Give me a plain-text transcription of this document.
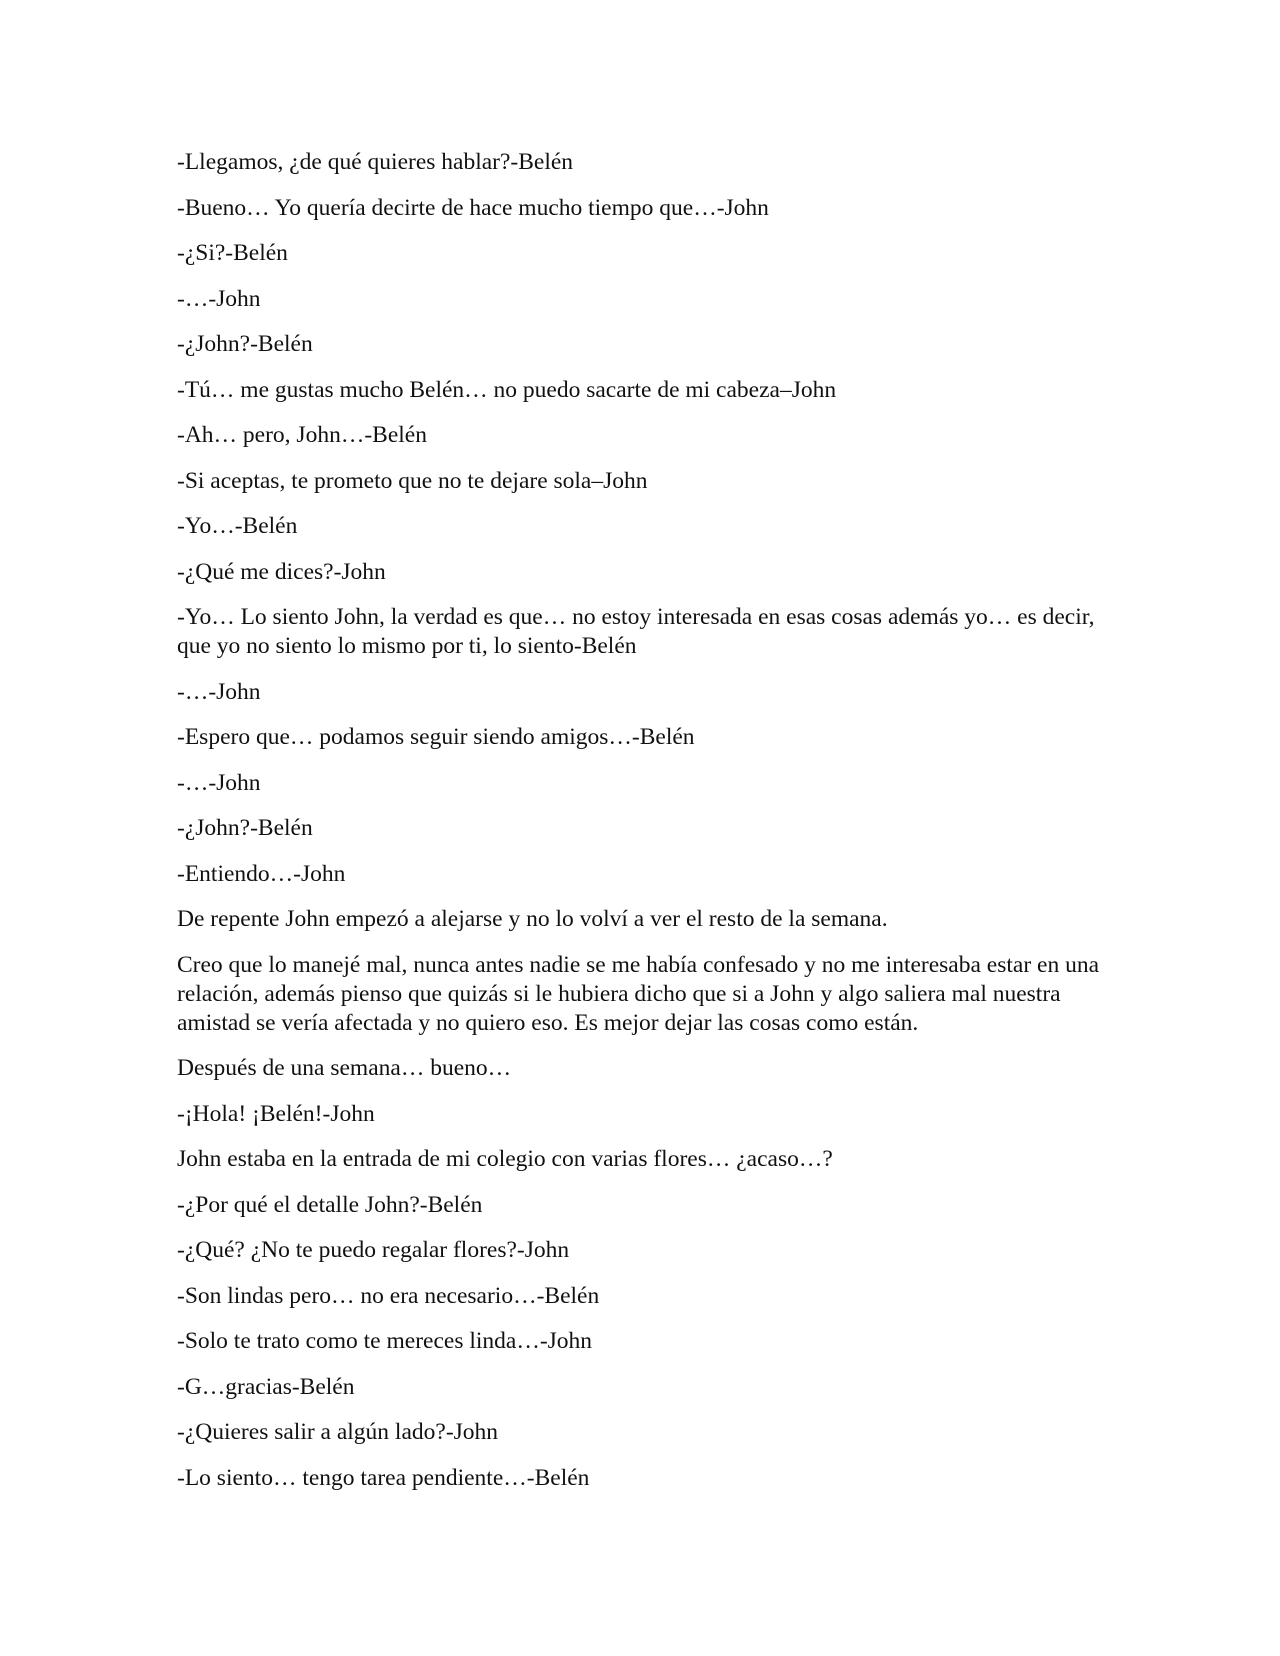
-Llegamos, ¿de qué quieres hablar?-Belén

-Bueno… Yo quería decirte de hace mucho tiempo que…-John

-¿Si?-Belén

-…-John

-¿John?-Belén

-Tú… me gustas mucho Belén… no puedo sacarte de mi cabeza–John

-Ah… pero, John…-Belén

-Si aceptas, te prometo que no te dejare sola–John

-Yo…-Belén

-¿Qué me dices?-John

-Yo… Lo siento John, la verdad es que… no estoy interesada en esas cosas además yo… es decir, que yo no siento lo mismo por ti, lo siento-Belén

-…-John

-Espero que… podamos seguir siendo amigos…-Belén

-…-John

-¿John?-Belén

-Entiendo…-John

De repente John empezó a alejarse y no lo volví a ver el resto de la semana.

Creo que lo manejé mal, nunca antes nadie se me había confesado y no me interesaba estar en una relación, además pienso que quizás si le hubiera dicho que si a John y algo saliera mal nuestra amistad se vería afectada y no quiero eso. Es mejor dejar las cosas como están.

Después de una semana… bueno…

-¡Hola! ¡Belén!-John

John estaba en la entrada de mi colegio con varias flores… ¿acaso…?

-¿Por qué el detalle John?-Belén

-¿Qué? ¿No te puedo regalar flores?-John

-Son lindas pero… no era necesario…-Belén

-Solo te trato como te mereces linda…-John

-G…gracias-Belén

-¿Quieres salir a algún lado?-John

-Lo siento… tengo tarea pendiente…-Belén
